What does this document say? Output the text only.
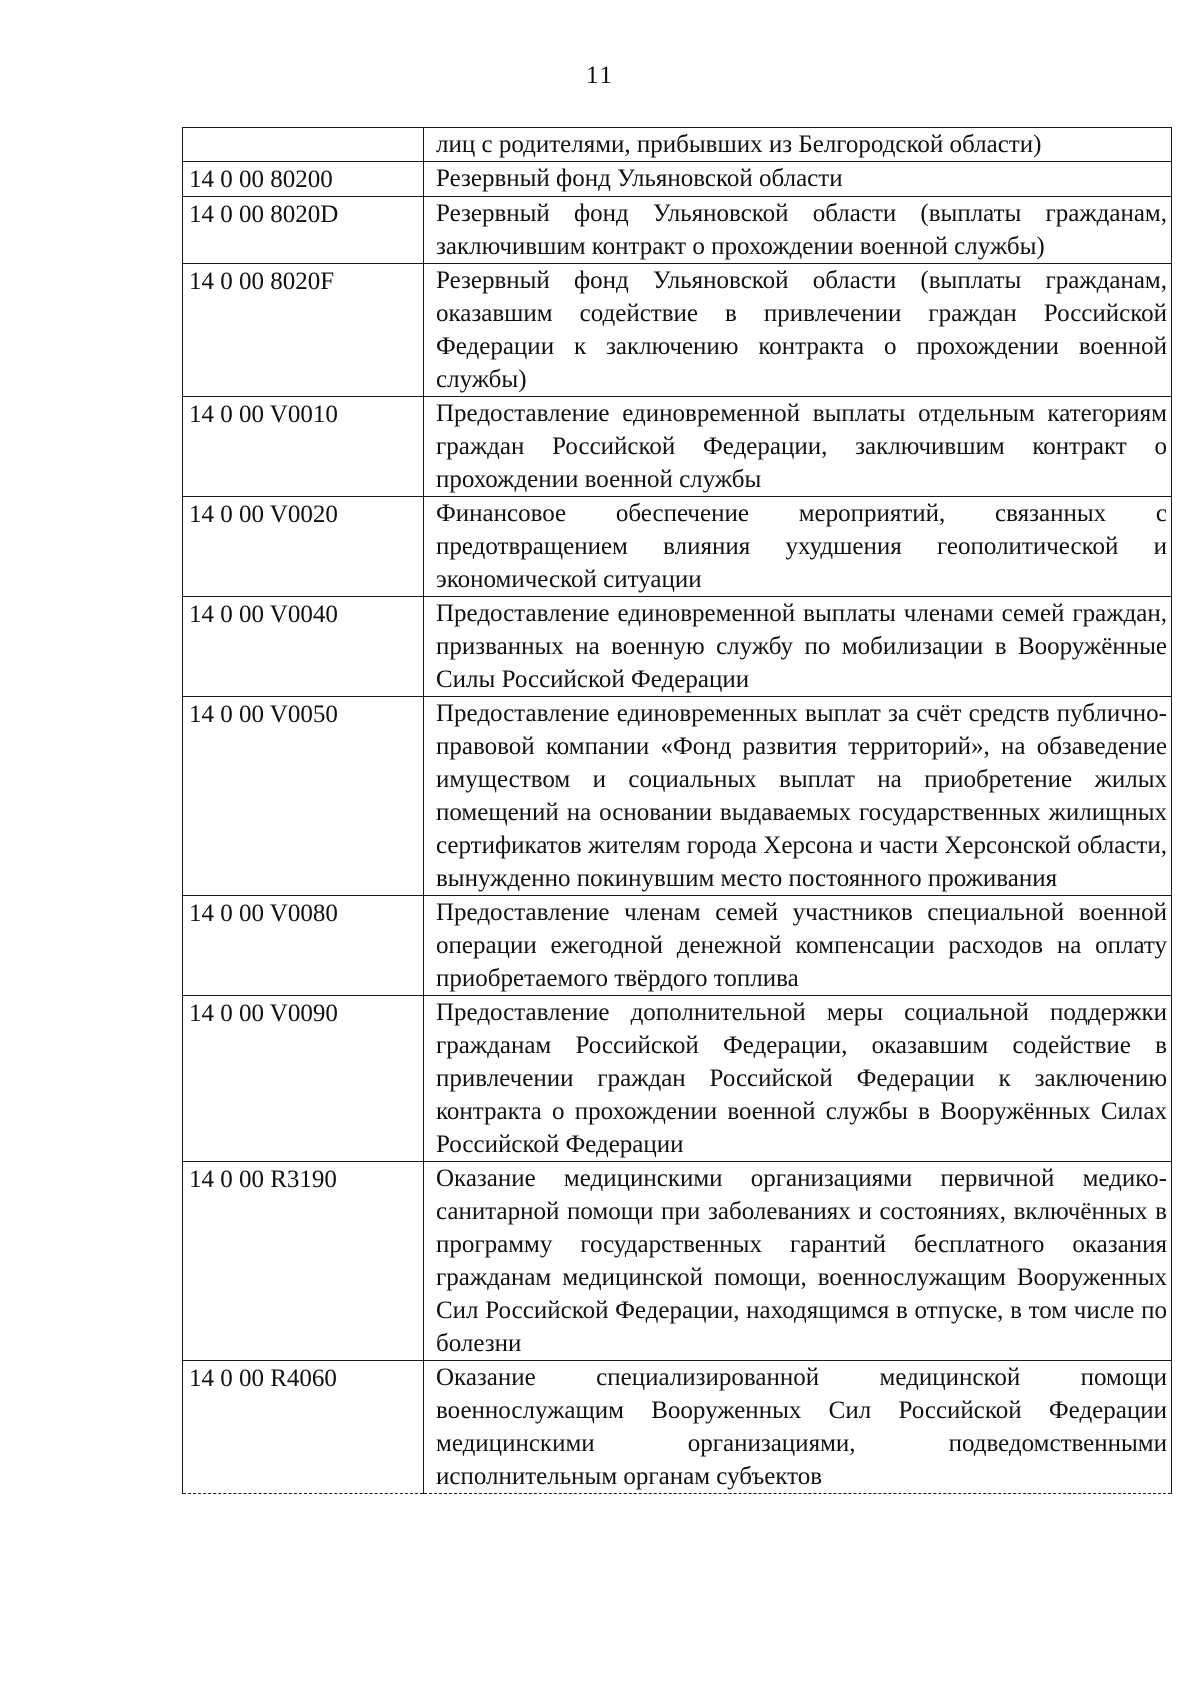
11
	лиц с родителями, прибывших из Белгородской области)
14 0 00 80200	Резервный фонд Ульяновской области
14 0 00 8020D	Резервный фонд Ульяновской области (выплаты гражданам, заключившим контракт о прохождении военной службы)
14 0 00 8020F	Резервный фонд Ульяновской области (выплаты гражданам, оказавшим содействие в привлечении граждан Российской Федерации к заключению контракта о прохождении военной службы)
14 0 00 V0010	Предоставление единовременной выплаты отдельным категориям граждан Российской Федерации, заключившим контракт о прохождении военной службы
14 0 00 V0020	Финансовое обеспечение мероприятий, связанных с предотвращением влияния ухудшения геополитической и экономической ситуации
14 0 00 V0040	Предоставление единовременной выплаты членами семей граждан, призванных на военную службу по мобилизации в Вооружённые Силы Российской Федерации
14 0 00 V0050	Предоставление единовременных выплат за счёт средств публично-правовой компании «Фонд развития территорий», на обзаведение имуществом и социальных выплат на приобретение жилых помещений на основании выдаваемых государственных жилищных сертификатов жителям города Херсона и части Херсонской области, вынужденно покинувшим место постоянного проживания
14 0 00 V0080	Предоставление членам семей участников специальной военной операции ежегодной денежной компенсации расходов на оплату приобретаемого твёрдого топлива
14 0 00 V0090	Предоставление дополнительной меры социальной поддержки гражданам Российской Федерации, оказавшим содействие в привлечении граждан Российской Федерации к заключению контракта о прохождении военной службы в Вооружённых Силах Российской Федерации
14 0 00 R3190	Оказание медицинскими организациями первичной медико-санитарной помощи при заболеваниях и состояниях, включённых в программу государственных гарантий бесплатного оказания гражданам медицинской помощи, военнослужащим Вооруженных Сил Российской Федерации, находящимся в отпуске, в том числе по болезни
14 0 00 R4060	Оказание специализированной медицинской помощи военнослужащим Вооруженных Сил Российской Федерации медицинскими организациями, подведомственными исполнительным органам субъектов
